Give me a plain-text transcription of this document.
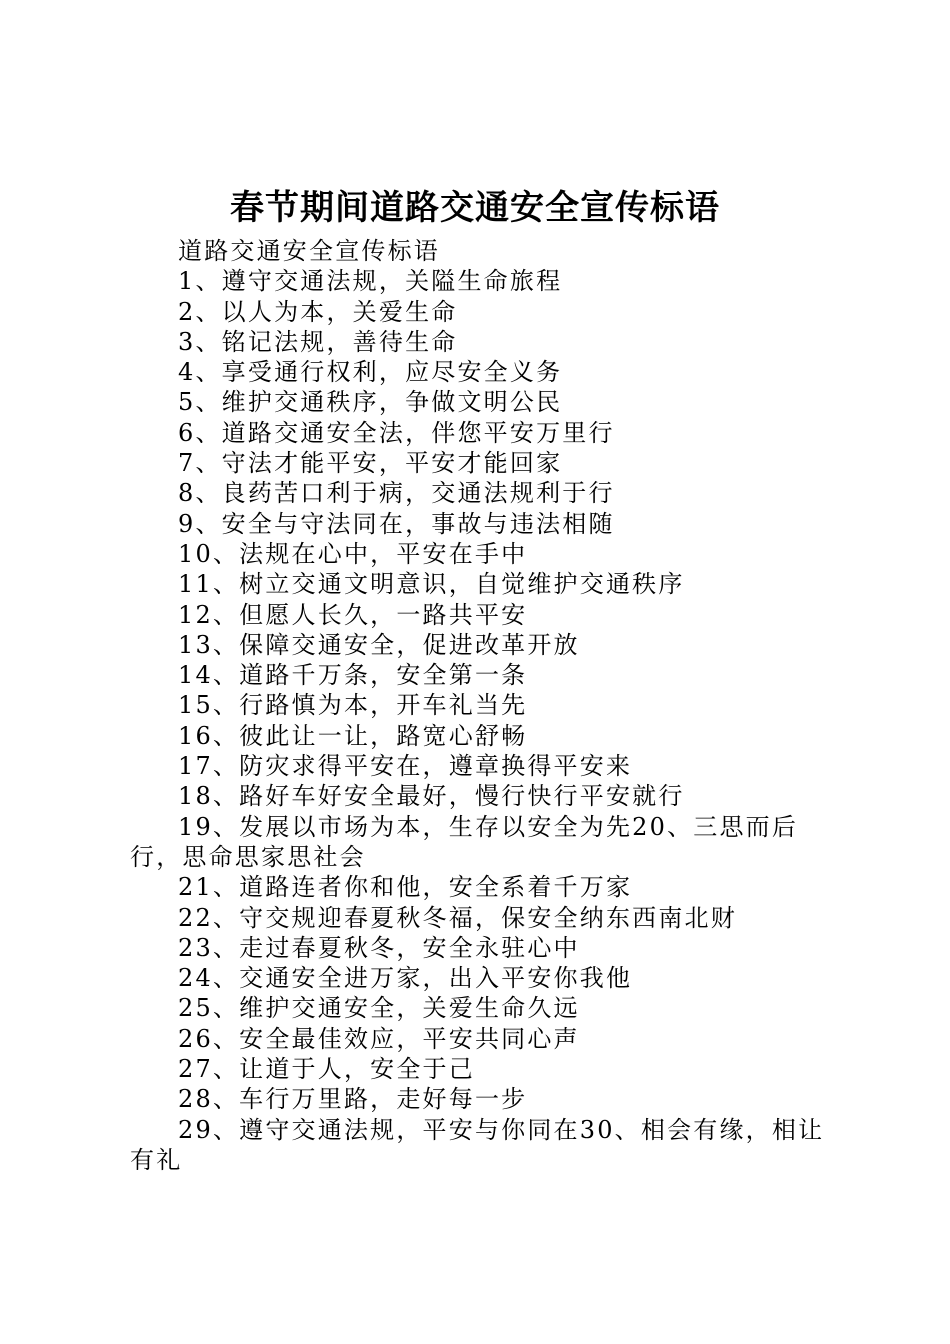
春节期间道路交通安全宣传标语

道路交通安全宣传标语

1、遵守交通法规，关隘生命旅程

2、以人为本，关爱生命

3、铭记法规，善待生命

4、享受通行权利，应尽安全义务

5、维护交通秩序，争做文明公民

6、道路交通安全法，伴您平安万里行

7、守法才能平安，平安才能回家

8、良药苦口利于病，交通法规利于行

9、安全与守法同在，事故与违法相随

10、法规在心中，平安在手中

11、树立交通文明意识，自觉维护交通秩序

12、但愿人长久，一路共平安

13、保障交通安全，促进改革开放

14、道路千万条，安全第一条

15、行路慎为本，开车礼当先

16、彼此让一让，路宽心舒畅

17、防灾求得平安在，遵章换得平安来

18、路好车好安全最好，慢行快行平安就行

19、发展以市场为本，生存以安全为先20、三思而后行，思命思家思社会

21、道路连者你和他，安全系着千万家

22、守交规迎春夏秋冬福，保安全纳东西南北财

23、走过春夏秋冬，安全永驻心中

24、交通安全进万家，出入平安你我他

25、维护交通安全，关爱生命久远

26、安全最佳效应，平安共同心声

27、让道于人，安全于己

28、车行万里路，走好每一步

29、遵守交通法规，平安与你同在30、相会有缘，相让有礼
